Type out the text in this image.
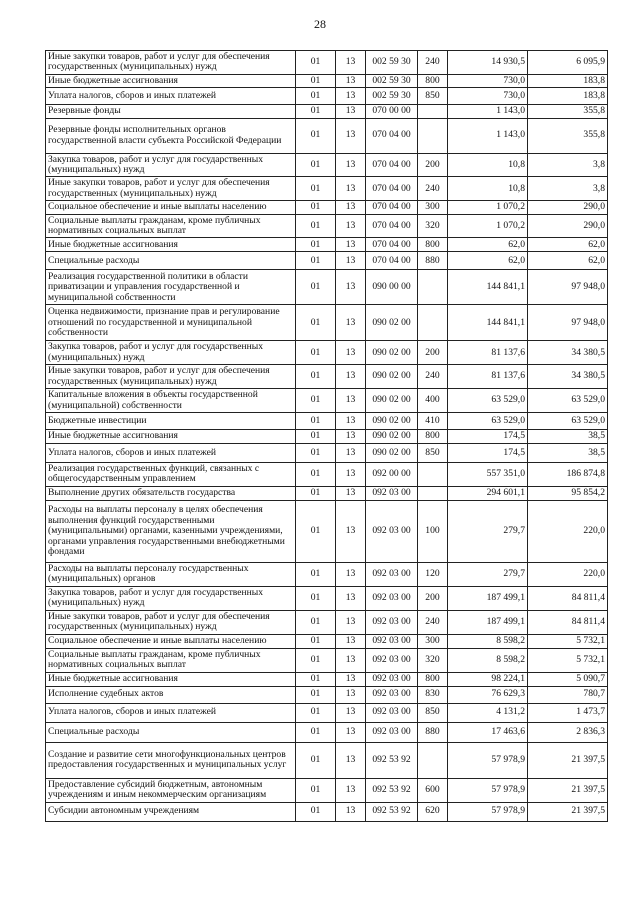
28
Иные закупки товаров, работ и услуг для обеспечения государственных (муниципальных) нужд	01	13	002 59 30	240	14 930,5	6 095,9
Иные бюджетные ассигнования	01	13	002 59 30	800	730,0	183,8
Уплата налогов, сборов и иных платежей	01	13	002 59 30	850	730,0	183,8
Резервные фонды	01	13	070 00 00		1 143,0	355,8
Резервные фонды исполнительных органов государственной власти субъекта Российской Федерации	01	13	070 04 00		1 143,0	355,8
Закупка товаров, работ и услуг для государственных (муниципальных) нужд	01	13	070 04 00	200	10,8	3,8
Иные закупки товаров, работ и услуг для обеспечения государственных (муниципальных) нужд	01	13	070 04 00	240	10,8	3,8
Социальное обеспечение и иные выплаты населению	01	13	070 04 00	300	1 070,2	290,0
Социальные выплаты гражданам, кроме публичных нормативных социальных выплат	01	13	070 04 00	320	1 070,2	290,0
Иные бюджетные ассигнования	01	13	070 04 00	800	62,0	62,0
Специальные расходы	01	13	070 04 00	880	62,0	62,0
Реализация государственной политики в области приватизации и управления государственной и муниципальной собственности	01	13	090 00 00		144 841,1	97 948,0
Оценка недвижимости, признание прав и регулирование отношений по государственной и муниципальной собственности	01	13	090 02 00		144 841,1	97 948,0
Закупка товаров, работ и услуг для государственных (муниципальных) нужд	01	13	090 02 00	200	81 137,6	34 380,5
Иные закупки товаров, работ и услуг для обеспечения государственных (муниципальных) нужд	01	13	090 02 00	240	81 137,6	34 380,5
Капитальные вложения в объекты государственной (муниципальной) собственности	01	13	090 02 00	400	63 529,0	63 529,0
Бюджетные инвестиции	01	13	090 02 00	410	63 529,0	63 529,0
Иные бюджетные ассигнования	01	13	090 02 00	800	174,5	38,5
Уплата налогов, сборов и иных платежей	01	13	090 02 00	850	174,5	38,5
Реализация государственных функций, связанных с общегосударственным управлением	01	13	092 00 00		557 351,0	186 874,8
Выполнение других обязательств государства	01	13	092 03 00		294 601,1	95 854,2
Расходы на выплаты персоналу в целях обеспечения выполнения функций государственными (муниципальными) органами, казенными учреждениями, органами управления государственными внебюджетными фондами	01	13	092 03 00	100	279,7	220,0
Расходы на выплаты персоналу государственных (муниципальных) органов	01	13	092 03 00	120	279,7	220,0
Закупка товаров, работ и услуг для государственных (муниципальных) нужд	01	13	092 03 00	200	187 499,1	84 811,4
Иные закупки товаров, работ и услуг для обеспечения государственных (муниципальных) нужд	01	13	092 03 00	240	187 499,1	84 811,4
Социальное обеспечение и иные выплаты населению	01	13	092 03 00	300	8 598,2	5 732,1
Социальные выплаты гражданам, кроме публичных нормативных социальных выплат	01	13	092 03 00	320	8 598,2	5 732,1
Иные бюджетные ассигнования	01	13	092 03 00	800	98 224,1	5 090,7
Исполнение судебных актов	01	13	092 03 00	830	76 629,3	780,7
Уплата налогов, сборов и иных платежей	01	13	092 03 00	850	4 131,2	1 473,7
Специальные расходы	01	13	092 03 00	880	17 463,6	2 836,3
Создание и развитие сети многофункциональных центров предоставления государственных и муниципальных услуг	01	13	092 53 92		57 978,9	21 397,5
Предоставление субсидий бюджетным, автономным учреждениям и иным некоммерческим организациям	01	13	092 53 92	600	57 978,9	21 397,5
Субсидии автономным учреждениям	01	13	092 53 92	620	57 978,9	21 397,5
